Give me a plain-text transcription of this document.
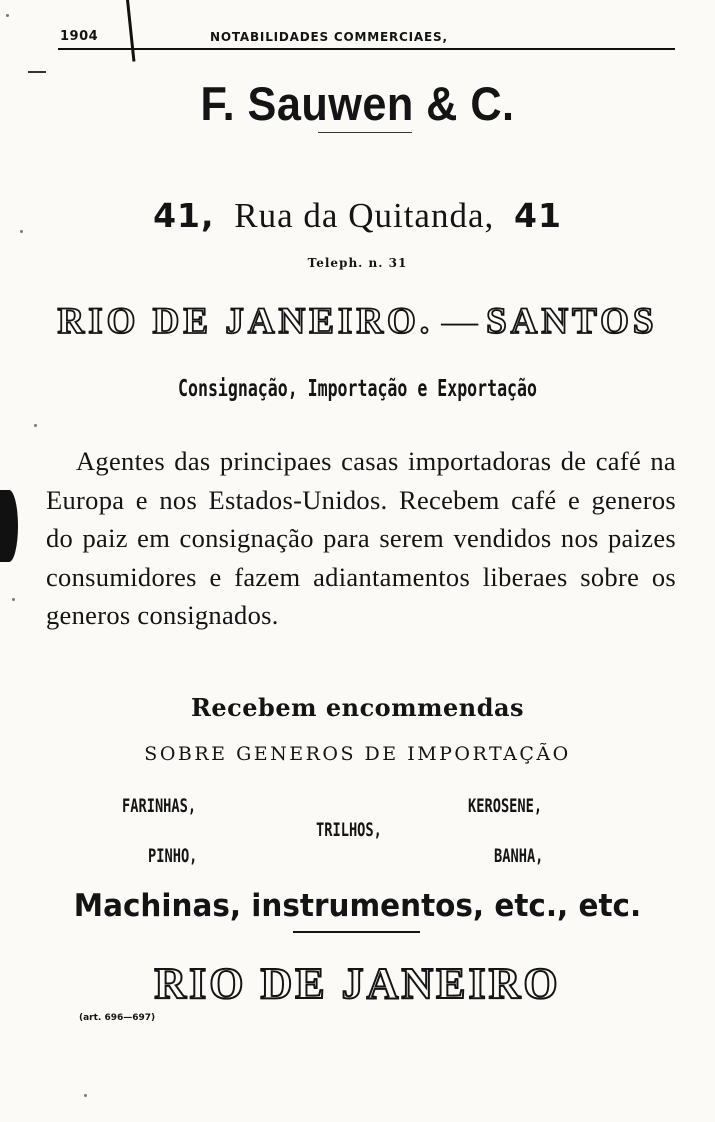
1904	NOTABILIDADES COMMERCIAES,
F. Sauwen & C.
41, Rua da Quitanda, 41
Teleph. n. 31
RIO DE JANEIRO. — SANTOS
Consignação, Importação e Exportação
Agentes das principaes casas importadoras de café na Europa e nos Estados-Unidos. Recebem café e generos do paiz em consignação para serem vendidos nos paizes consumidores e fazem adiantamentos liberaes sobre os generos consignados.
Recebem encommendas
SOBRE GENEROS DE IMPORTAÇÃO
FARINHAS,	KEROSENE,
TRILHOS,
PINHO,	BANHA,
Machinas, instrumentos, etc., etc.
RIO DE JANEIRO
(art. 696—697)
